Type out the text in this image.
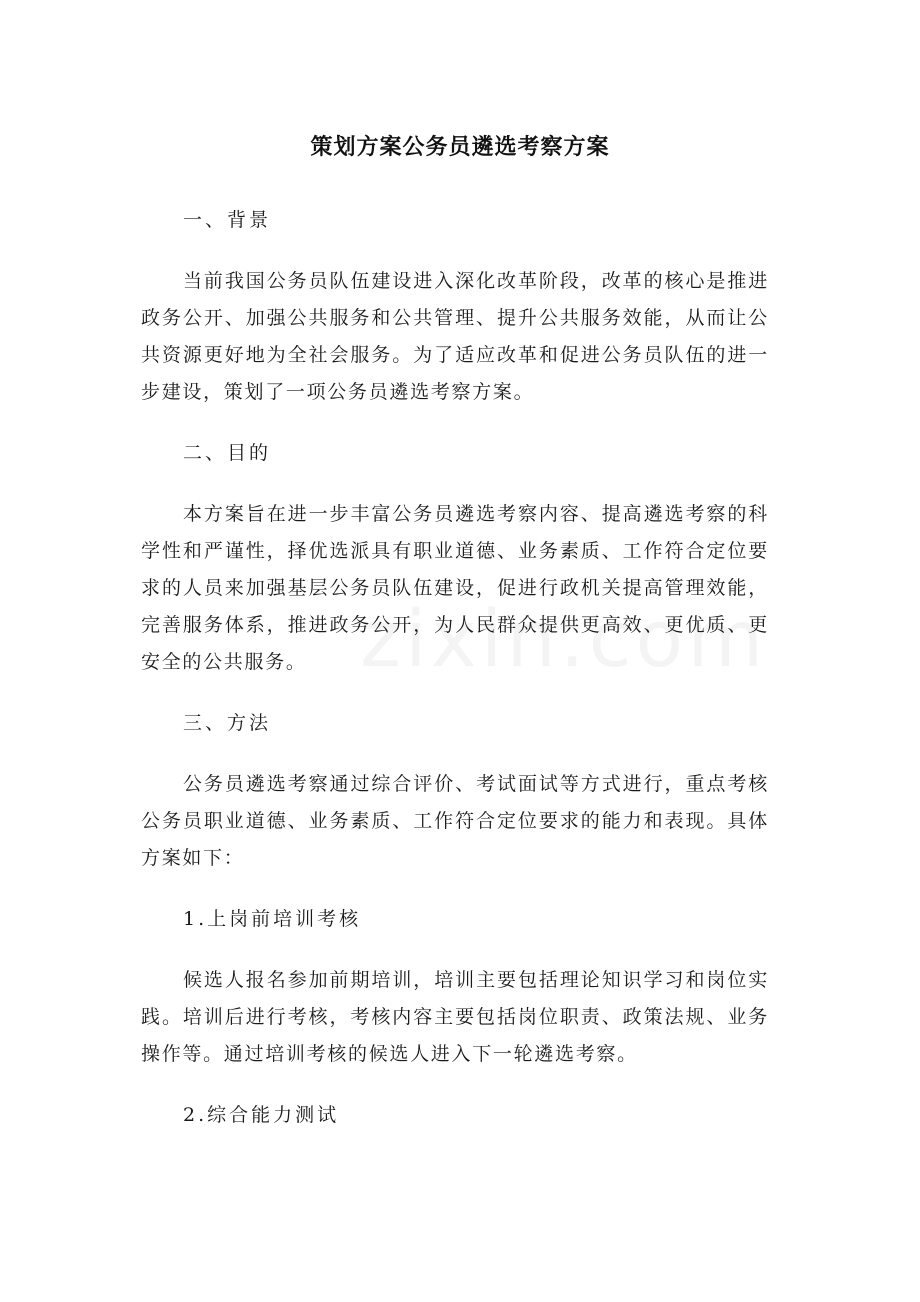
策划方案公务员遴选考察方案

一、背景

当前我国公务员队伍建设进入深化改革阶段，改革的核心是推进政务公开、加强公共服务和公共管理、提升公共服务效能，从而让公共资源更好地为全社会服务。为了适应改革和促进公务员队伍的进一步建设，策划了一项公务员遴选考察方案。

二、目的

本方案旨在进一步丰富公务员遴选考察内容、提高遴选考察的科学性和严谨性，择优选派具有职业道德、业务素质、工作符合定位要求的人员来加强基层公务员队伍建设，促进行政机关提高管理效能，完善服务体系，推进政务公开，为人民群众提供更高效、更优质、更安全的公共服务。

三、方法

公务员遴选考察通过综合评价、考试面试等方式进行，重点考核公务员职业道德、业务素质、工作符合定位要求的能力和表现。具体方案如下：

1.上岗前培训考核

候选人报名参加前期培训，培训主要包括理论知识学习和岗位实践。培训后进行考核，考核内容主要包括岗位职责、政策法规、业务操作等。通过培训考核的候选人进入下一轮遴选考察。

2.综合能力测试
